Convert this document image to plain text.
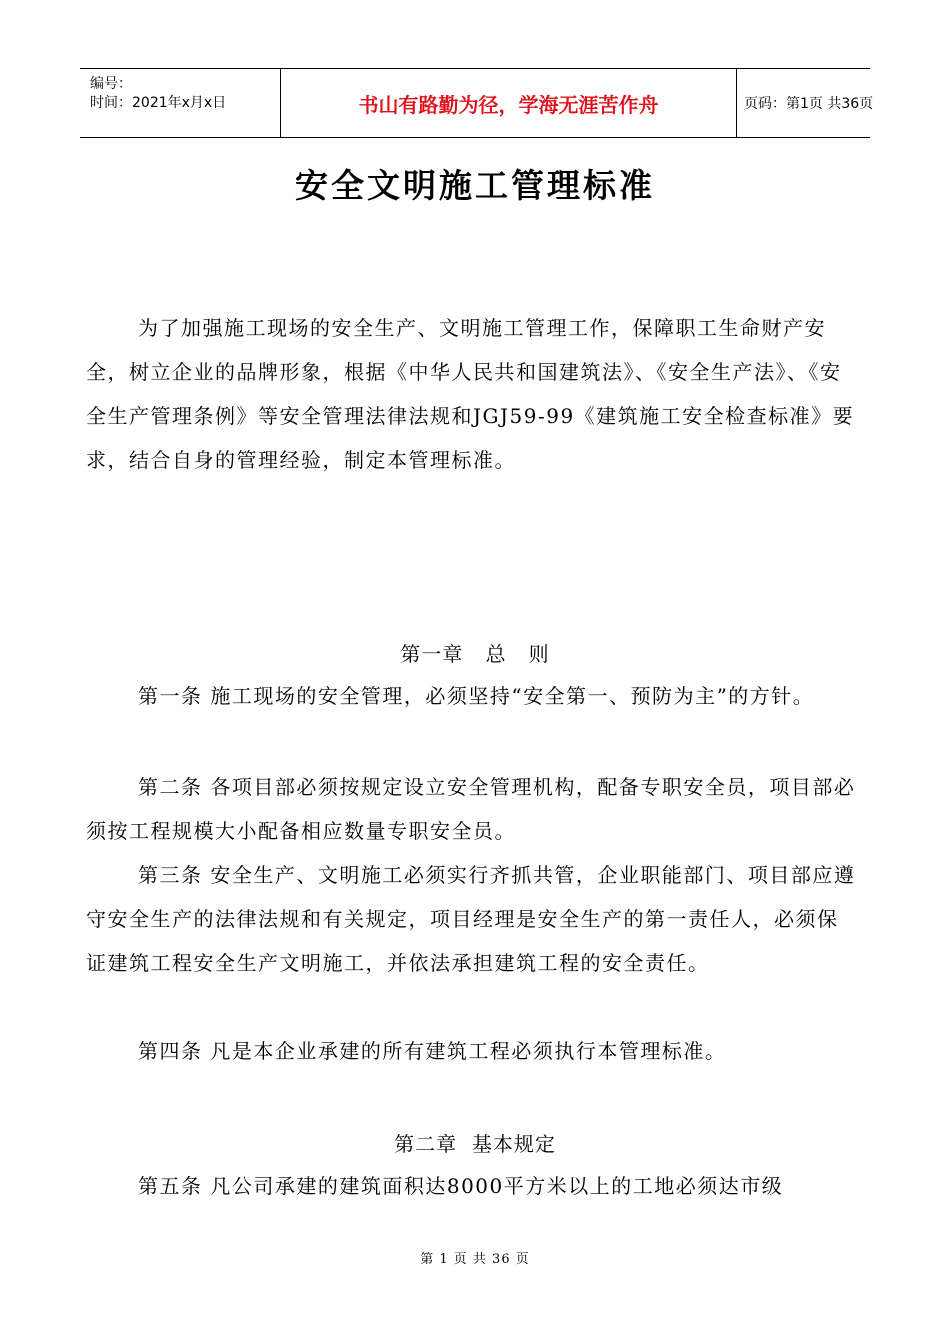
编号：
时间：2021年x月x日	书山有路勤为径，学海无涯苦作舟	页码：第1页 共36页
安全文明施工管理标准
为了加强施工现场的安全生产、文明施工管理工作，保障职工生命财产安全，树立企业的品牌形象，根据《中华人民共和国建筑法》、《安全生产法》、《安全生产管理条例》等安全管理法律法规和JGJ59-99《建筑施工安全检查标准》要求，结合自身的管理经验，制定本管理标准。
第一章   总   则
第一条 施工现场的安全管理，必须坚持“安全第一、预防为主”的方针。
第二条 各项目部必须按规定设立安全管理机构，配备专职安全员，项目部必须按工程规模大小配备相应数量专职安全员。
第三条 安全生产、文明施工必须实行齐抓共管，企业职能部门、项目部应遵守安全生产的法律法规和有关规定，项目经理是安全生产的第一责任人，必须保证建筑工程安全生产文明施工，并依法承担建筑工程的安全责任。
第四条 凡是本企业承建的所有建筑工程必须执行本管理标准。
第二章  基本规定
第五条 凡公司承建的建筑面积达8000平方米以上的工地必须达市级
第 1 页 共 36 页
